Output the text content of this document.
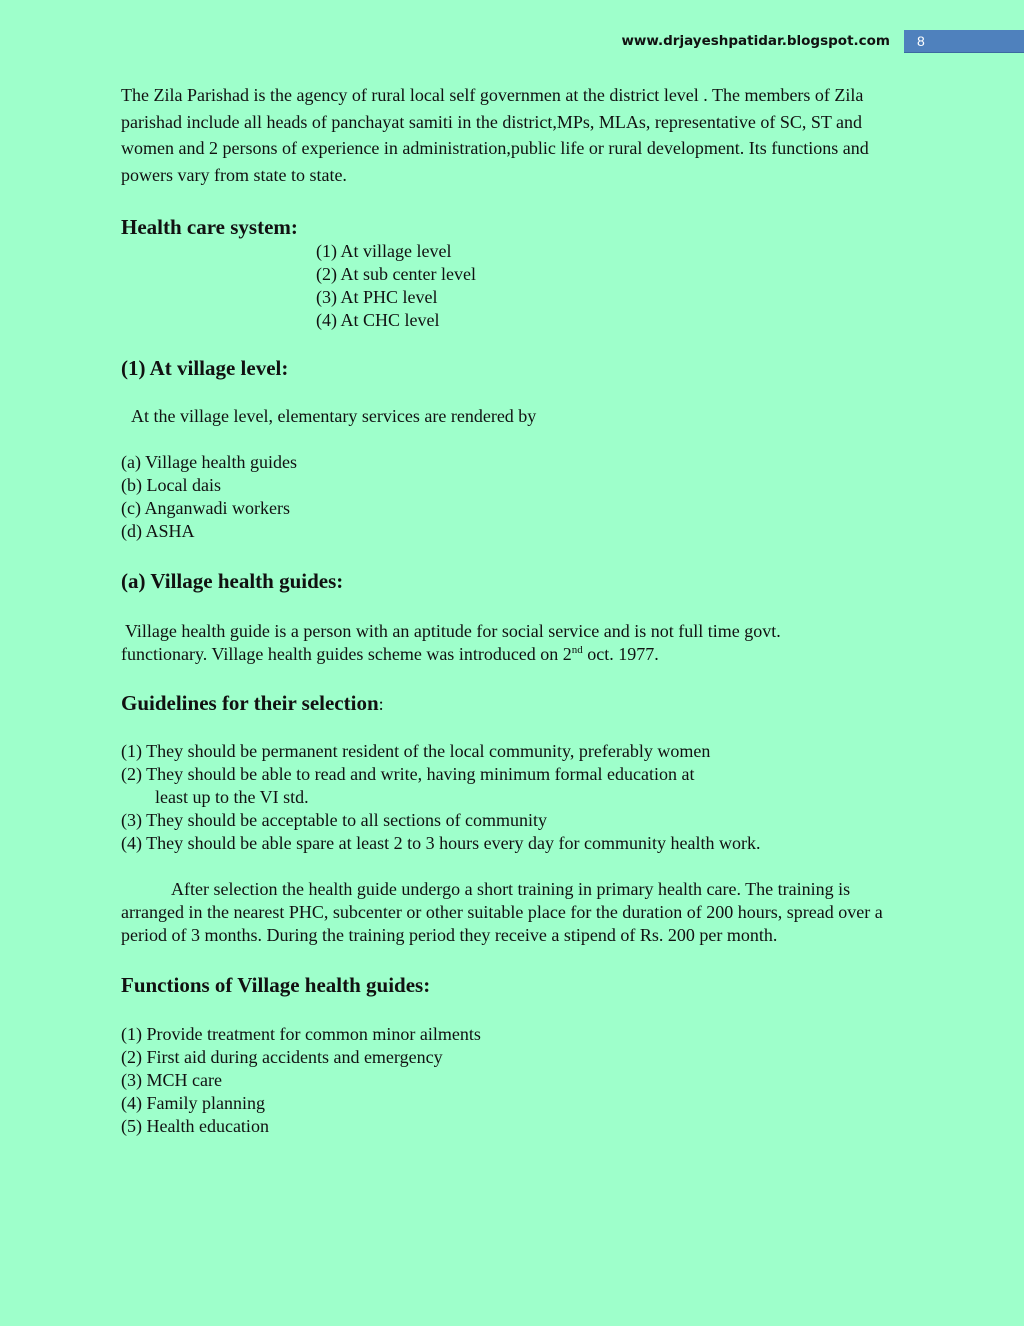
www.drjayeshpatidar.blogspot.com 8

The Zila Parishad is the agency of rural local self governmen at the district level . The members of Zila parishad include all heads of panchayat samiti in the district,MPs, MLAs, representative of SC, ST and women and 2 persons of experience in administration,public life or rural development. Its functions and powers vary from state to state.

Health care system:
(1) At village level
(2) At sub center level
(3) At PHC level
(4) At CHC level
(1) At village level:

At the village level, elementary services are rendered by

(a) Village health guides
(b) Local dais
(c) Anganwadi workers
(d) ASHA
(a) Village health guides:

Village health guide is a person with an aptitude for social service and is not full time govt. functionary. Village health guides scheme was introduced on 2nd oct. 1977.

Guidelines for their selection:
(1) They should be permanent resident of the local community, preferably women
(2) They should be able to read and write, having minimum formal education at
least up to the VI std.
(3) They should be acceptable to all sections of community
(4) They should be able spare at least 2 to 3 hours every day for community health work.

After selection the health guide undergo a short training in primary health care. The training is arranged in the nearest PHC, subcenter or other suitable place for the duration of 200 hours, spread over a period of 3 months. During the training period they receive a stipend of Rs. 200 per month.

Functions of Village health guides:
(1) Provide treatment for common minor ailments
(2) First aid during accidents and emergency
(3) MCH care
(4) Family planning
(5) Health education
